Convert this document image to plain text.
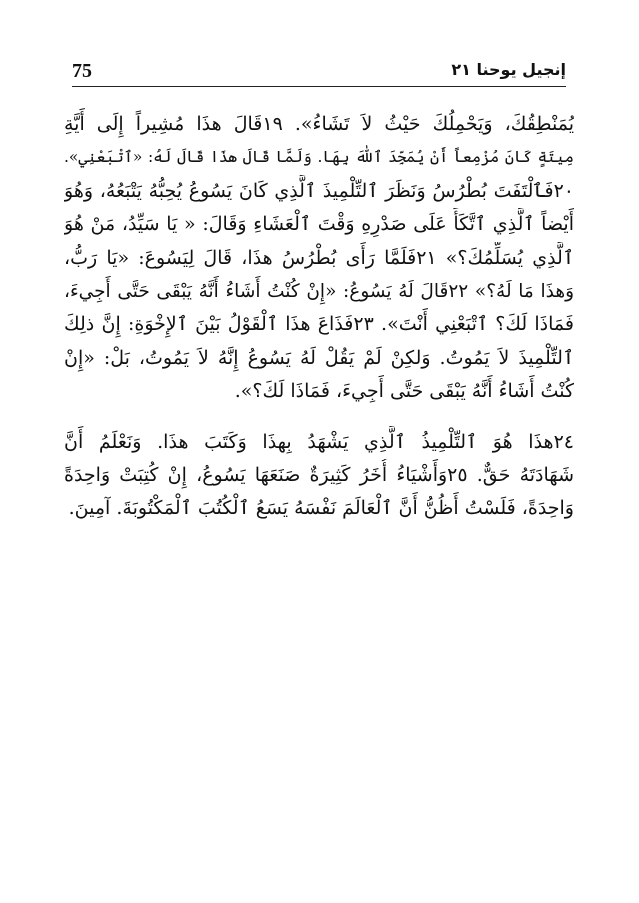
75	إنجيل يوحنا ٢١
يُمَنْطِقُكَ، وَيَحْمِلُكَ حَيْثُ لاَ تَشَاءُ». ١٩قَالَ هذَا مُشِيراً إِلَى أَيَّةِ
مِيتَةٍ كَانَ مُزْمِعاً أَنْ يُمَجِّدَ ٱللّٰهَ بِهَا. وَلَمَّا قَالَ هذَا قَالَ لَهُ: «ٱتْبَعْنِي».
٢٠فَٱلْتَفَتَ بُطْرُسُ وَنَظَرَ ٱلتِّلْمِيذَ ٱلَّذِي كَانَ يَسُوعُ يُحِبُّهُ يَتْبَعُهُ، وَهُوَ
أَيْضاً ٱلَّذِي ٱتَّكَأَ عَلَى صَدْرِهِ وَقْتَ ٱلْعَشَاءِ وَقَالَ: « يَا سَيِّدُ، مَنْ هُوَ
ٱلَّذِي يُسَلِّمُكَ؟» ٢١فَلَمَّا رَأَى بُطْرُسُ هذَا، قَالَ لِيَسُوعَ: «يَا رَبُّ،
وَهذَا مَا لَهُ؟» ٢٢قَالَ لَهُ يَسُوعُ: «إِنْ كُنْتُ أَشَاءُ أَنَّهُ يَبْقَى حَتَّى أَجِيءَ،
فَمَاذَا لَكَ؟ ٱتْبَعْنِي أَنْتَ». ٢٣فَذَاعَ هذَا ٱلْقَوْلُ بَيْنَ ٱلإِخْوَةِ: إِنَّ ذلِكَ
ٱلتِّلْمِيذَ لاَ يَمُوتُ. وَلكِنْ لَمْ يَقُلْ لَهُ يَسُوعُ إِنَّهُ لاَ يَمُوتُ، بَلْ: «إِنْ
كُنْتُ أَشَاءُ أَنَّهُ يَبْقَى حَتَّى أَجِيءَ، فَمَاذَا لَكَ؟».
٢٤هذَا هُوَ ٱلتِّلْمِيذُ ٱلَّذِي يَشْهَدُ بِهذَا وَكَتَبَ هذَا. وَنَعْلَمُ أَنَّ
شَهَادَتَهُ حَقٌّ. ٢٥وَأَشْيَاءُ أُخَرُ كَثِيرَةٌ صَنَعَهَا يَسُوعُ، إِنْ كُتِبَتْ وَاحِدَةً
وَاحِدَةً، فَلَسْتُ أَظُنُّ أَنَّ ٱلْعَالَمَ نَفْسَهُ يَسَعُ ٱلْكُتُبَ ٱلْمَكْتُوبَةَ. آمِينَ.
